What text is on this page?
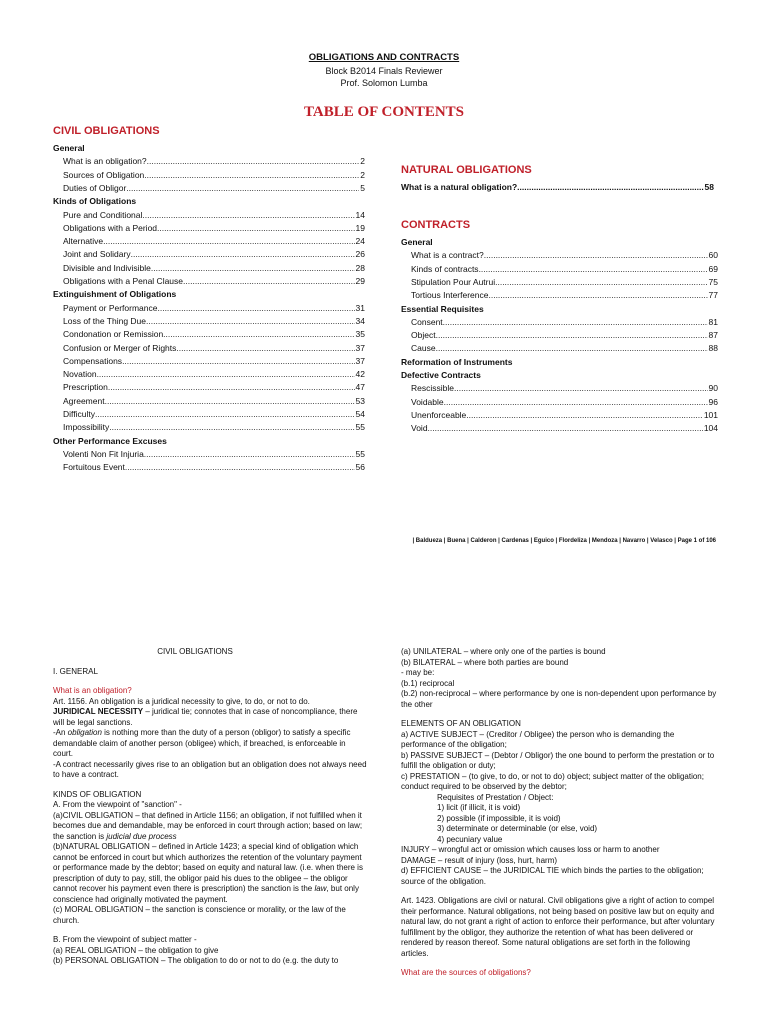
OBLIGATIONS AND CONTRACTS
Block B2014 Finals Reviewer
Prof. Solomon Lumba
TABLE OF CONTENTS
CIVIL OBLIGATIONS
General
What is an obligation? .....	2
Sources of Obligation .....	2
Duties of Obligor .....	5
Kinds of Obligations
Pure and Conditional .....	14
Obligations with a Period .....	19
Alternative .....	24
Joint and Solidary .....	26
Divisible and Indivisible .....	28
Obligations with a Penal Clause .....	29
Extinguishment of Obligations
Payment or Performance .....	31
Loss of the Thing Due .....	34
Condonation or Remission .....	35
Confusion or Merger of Rights .....	37
Compensations .....	37
Novation .....	42
Prescription .....	47
Agreement .....	53
Difficulty .....	54
Impossibility .....	55
Other Performance Excuses
Volenti Non Fit Injuria .....	55
Fortuitous Event .....	56
NATURAL OBLIGATIONS
What is a natural obligation? .....	58
CONTRACTS
General
What is a contract? .....	60
Kinds of contracts .....	69
Stipulation Pour Autrui .....	75
Tortious Interference .....	77
Essential Requisites
Consent .....	81
Object .....	87
Cause .....	88
Reformation of Instruments
Defective Contracts
Rescissible .....	90
Voidable .....	96
Unenforceable .....	101
Void .....	104
| Baldueza | Buena | Calderon | Cardenas | Eguico | Flordeliza | Mendoza | Navarro | Velasco | Page 1 of 106

CIVIL OBLIGATIONS

I. GENERAL

What is an obligation?

Art. 1156. An obligation is a juridical necessity to give, to do, or not to do.

JURIDICAL NECESSITY – juridical tie; connotes that in case of noncompliance, there will be legal sanctions.

-An obligation is nothing more than the duty of a person (obligor) to satisfy a specific demandable claim of another person (obligee) which, if breached, is enforceable in court.

-A contract necessarily gives rise to an obligation but an obligation does not always need to have a contract.

KINDS OF OBLIGATION

A. From the viewpoint of "sanction" -

(a)CIVIL OBLIGATION – that defined in Article 1156; an obligation, if not fulfilled when it becomes due and demandable, may be enforced in court through action; based on law; the sanction is judicial due process

(b)NATURAL OBLIGATION – defined in Article 1423; a special kind of obligation which cannot be enforced in court but which authorizes the retention of the voluntary payment or performance made by the debtor; based on equity and natural law. (i.e. when there is prescription of duty to pay, still, the obligor paid his dues to the obligee – the obligor cannot recover his payment even there is prescription) the sanction is the law, but only conscience had originally motivated the payment.

(c) MORAL OBLIGATION – the sanction is conscience or morality, or the law of the church.

B. From the viewpoint of subject matter -

(a) REAL OBLIGATION – the obligation to give

(b) PERSONAL OBLIGATION – The obligation to do or not to do (e.g. the duty to

(a) UNILATERAL – where only one of the parties is bound

(b) BILATERAL – where both parties are bound

- may be:

(b.1) reciprocal

(b.2) non-reciprocal – where performance by one is non-dependent upon performance by the other

ELEMENTS OF AN OBLIGATION

a) ACTIVE SUBJECT – (Creditor / Obligee) the person who is demanding the performance of the obligation;

b) PASSIVE SUBJECT – (Debtor / Obligor) the one bound to perform the prestation or to fulfill the obligation or duty;

c) PRESTATION – (to give, to do, or not to do) object; subject matter of the obligation; conduct required to be observed by the debtor;

Requisites of Prestation / Object:

1) licit (if illicit, it is void)

2) possible (if impossible, it is void)

3) determinate or determinable (or else, void)

4) pecuniary value

INJURY – wrongful act or omission which causes loss or harm to another

DAMAGE – result of injury (loss, hurt, harm)

d) EFFICIENT CAUSE – the JURIDICAL TIE which binds the parties to the obligation; source of the obligation.

Art. 1423. Obligations are civil or natural. Civil obligations give a right of action to compel their performance. Natural obligations, not being based on positive law but on equity and natural law, do not grant a right of action to enforce their performance, but after voluntary fulfillment by the obligor, they authorize the retention of what has been delivered or rendered by reason thereof. Some natural obligations are set forth in the following articles.

What are the sources of obligations?
